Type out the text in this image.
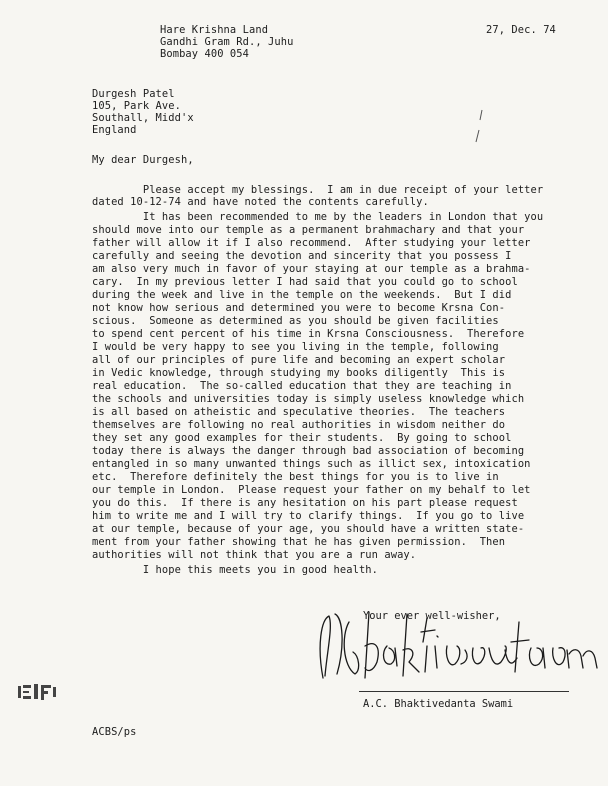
Hare Krishna Land
Gandhi Gram Rd., Juhu
Bombay 400 054
27, Dec. 74
Durgesh Patel
105, Park Ave.
Southall, Midd'x
England
My dear Durgesh,
Please accept my blessings.  I am in due receipt of your letter
dated 10-12-74 and have noted the contents carefully.
It has been recommended to me by the leaders in London that you
should move into our temple as a permanent brahmachary and that your
father will allow it if I also recommend.  After studying your letter
carefully and seeing the devotion and sincerity that you possess I
am also very much in favor of your staying at our temple as a brahma-
cary.  In my previous letter I had said that you could go to school
during the week and live in the temple on the weekends.  But I did
not know how serious and determined you were to become Krsna Con-
scious.  Someone as determined as you should be given facilities
to spend cent percent of his time in Krsna Consciousness.  Therefore
I would be very happy to see you living in the temple, following
all of our principles of pure life and becoming an expert scholar
in Vedic knowledge, through studying my books diligently  This is
real education.  The so-called education that they are teaching in
the schools and universities today is simply useless knowledge which
is all based on atheistic and speculative theories.  The teachers
themselves are following no real authorities in wisdom neither do
they set any good examples for their students.  By going to school
today there is always the danger through bad association of becoming
entangled in so many unwanted things such as illict sex, intoxication
etc.  Therefore definitely the best things for you is to live in
our temple in London.  Please request your father on my behalf to let
you do this.  If there is any hesitation on his part please request
him to write me and I will try to clarify things.  If you go to live
at our temple, because of your age, you should have a written state-
ment from your father showing that he has given permission.  Then
authorities will not think that you are a run away.
I hope this meets you in good health.
Your ever well-wisher,
A.C. Bhaktivedanta Swami
ACBS/ps
